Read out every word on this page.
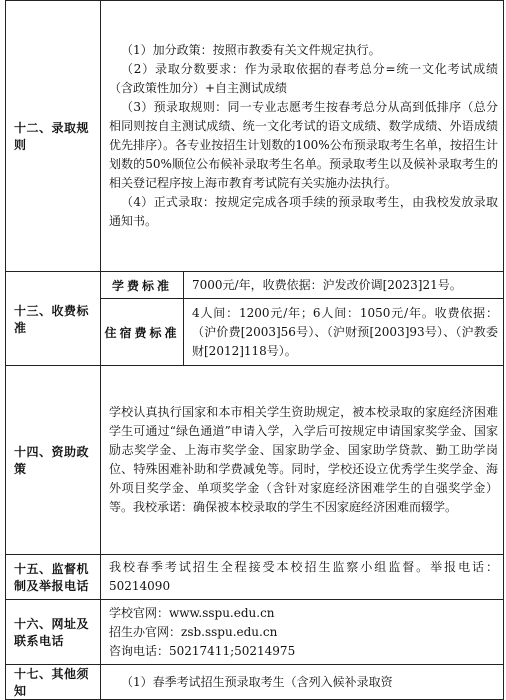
十二、录取规则	（1）加分政策：按照市教委有关文件规定执行。
（2）录取分数要求：作为录取依据的春考总分=统一文化考试成绩（含政策性加分）+自主测试成绩
（3）预录取规则：同一专业志愿考生按春考总分从高到低排序（总分相同则按自主测试成绩、统一文化考试的语文成绩、数学成绩、外语成绩优先排序）。各专业按招生计划数的100%公布预录取考生名单，按招生计划数的50%顺位公布候补录取考生名单。预录取考生以及候补录取考生的相关登记程序按上海市教育考试院有关实施办法执行。
（4）正式录取：按规定完成各项手续的预录取考生，由我校发放录取通知书。	

十三、收费标准	学费标准	7000元/年，收费依据：沪发改价调[2023]21号。
	住宿费标准	4人间：1200元/年；6人间：1050元/年。收费依据：（沪价费[2003]56号）、（沪财预[2003]93号）、（沪教委财[2012]118号）。
十四、资助政策	学校认真执行国家和本市相关学生资助规定，被本校录取的家庭经济困难学生可通过“绿色通道”申请入学，入学后可按规定申请国家奖学金、国家励志奖学金、上海市奖学金、国家助学金、国家助学贷款、勤工助学岗位、特殊困难补助和学费减免等。同时，学校还设立优秀学生奖学金、海外项目奖学金、单项奖学金（含针对家庭经济困难学生的自强奖学金）等。我校承诺：确保被本校录取的学生不因家庭经济困难而辍学。	
十五、监督机制及举报电话	我校春季考试招生全程接受本校招生监察小组监督。举报电话：50214090	
十六、网址及联系电话	学校官网：www.sspu.edu.cn
招生办官网：zsb.sspu.edu.cn
咨询电话：50217411;50214975	

十七、其他须知	（1）春季考试招生预录取考生（含列入候补录取资	
